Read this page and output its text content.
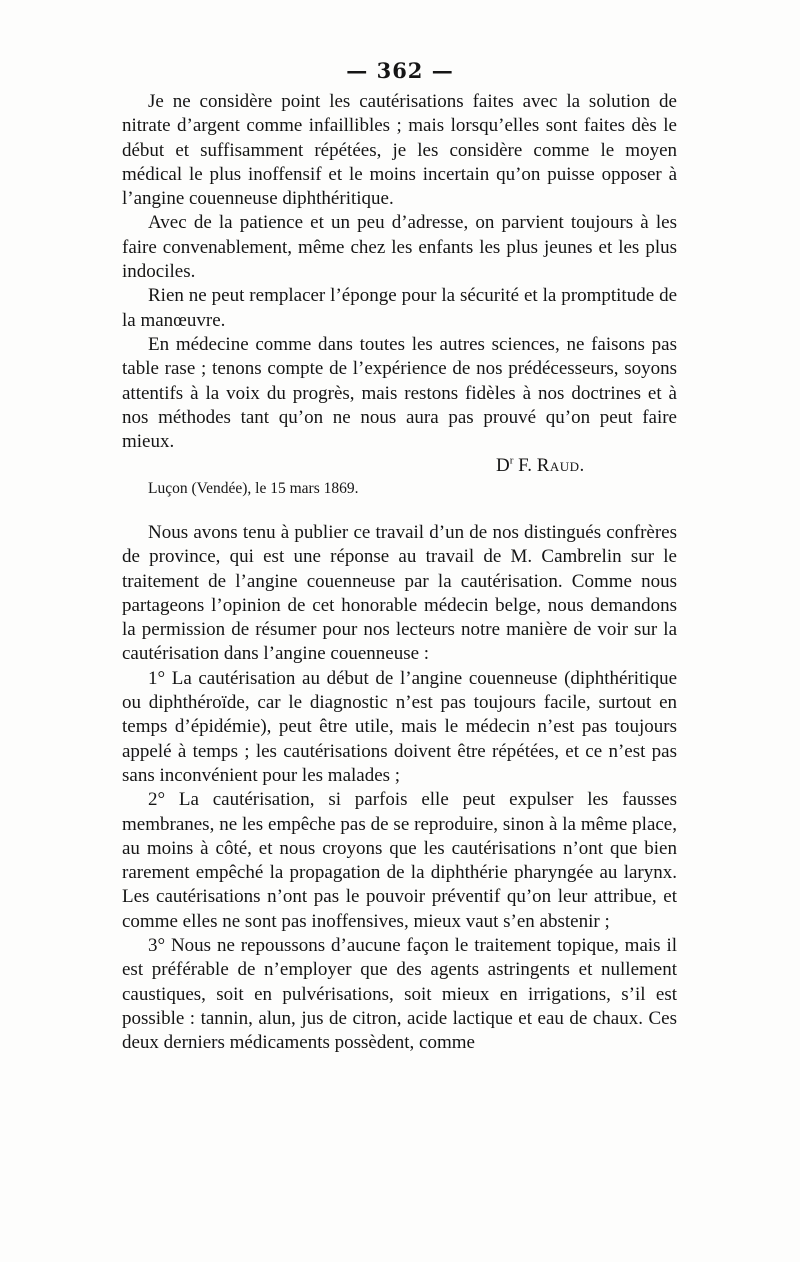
— 362 —

Je ne considère point les cautérisations faites avec la solution de nitrate d’argent comme infaillibles ; mais lorsqu’elles sont faites dès le début et suffisamment répétées, je les considère comme le moyen médical le plus inoffensif et le moins incertain qu’on puisse opposer à l’angine couenneuse diphthéritique.

Avec de la patience et un peu d’adresse, on parvient toujours à les faire convenablement, même chez les enfants les plus jeunes et les plus indociles.

Rien ne peut remplacer l’éponge pour la sécurité et la promptitude de la manœuvre.

En médecine comme dans toutes les autres sciences, ne faisons pas table rase ; tenons compte de l’expérience de nos prédécesseurs, soyons attentifs à la voix du progrès, mais restons fidèles à nos doctrines et à nos méthodes tant qu’on ne nous aura pas prouvé qu’on peut faire mieux.

$D^r$ F. Raud.
Luçon (Vendée), le 15 mars 1869.

Nous avons tenu à publier ce travail d’un de nos distingués confrères de province, qui est une réponse au travail de M. Cambrelin sur le traitement de l’angine couenneuse par la cautérisation. Comme nous partageons l’opinion de cet honorable médecin belge, nous demandons la permission de résumer pour nos lecteurs notre manière de voir sur la cautérisation dans l’angine couenneuse :

1° La cautérisation au début de l’angine couenneuse (diphthéritique ou diphthéroïde, car le diagnostic n’est pas toujours facile, surtout en temps d’épidémie), peut être utile, mais le médecin n’est pas toujours appelé à temps ; les cautérisations doivent être répétées, et ce n’est pas sans inconvénient pour les malades ;

2° La cautérisation, si parfois elle peut expulser les fausses membranes, ne les empêche pas de se reproduire, sinon à la même place, au moins à côté, et nous croyons que les cautérisations n’ont que bien rarement empêché la propagation de la diphthérie pharyngée au larynx. Les cautérisations n’ont pas le pouvoir préventif qu’on leur attribue, et comme elles ne sont pas inoffensives, mieux vaut s’en abstenir ;

3° Nous ne repoussons d’aucune façon le traitement topique, mais il est préférable de n’employer que des agents astringents et nullement caustiques, soit en pulvérisations, soit mieux en irrigations, s’il est possible : tannin, alun, jus de citron, acide lactique et eau de chaux. Ces deux derniers médicaments possèdent, comme
